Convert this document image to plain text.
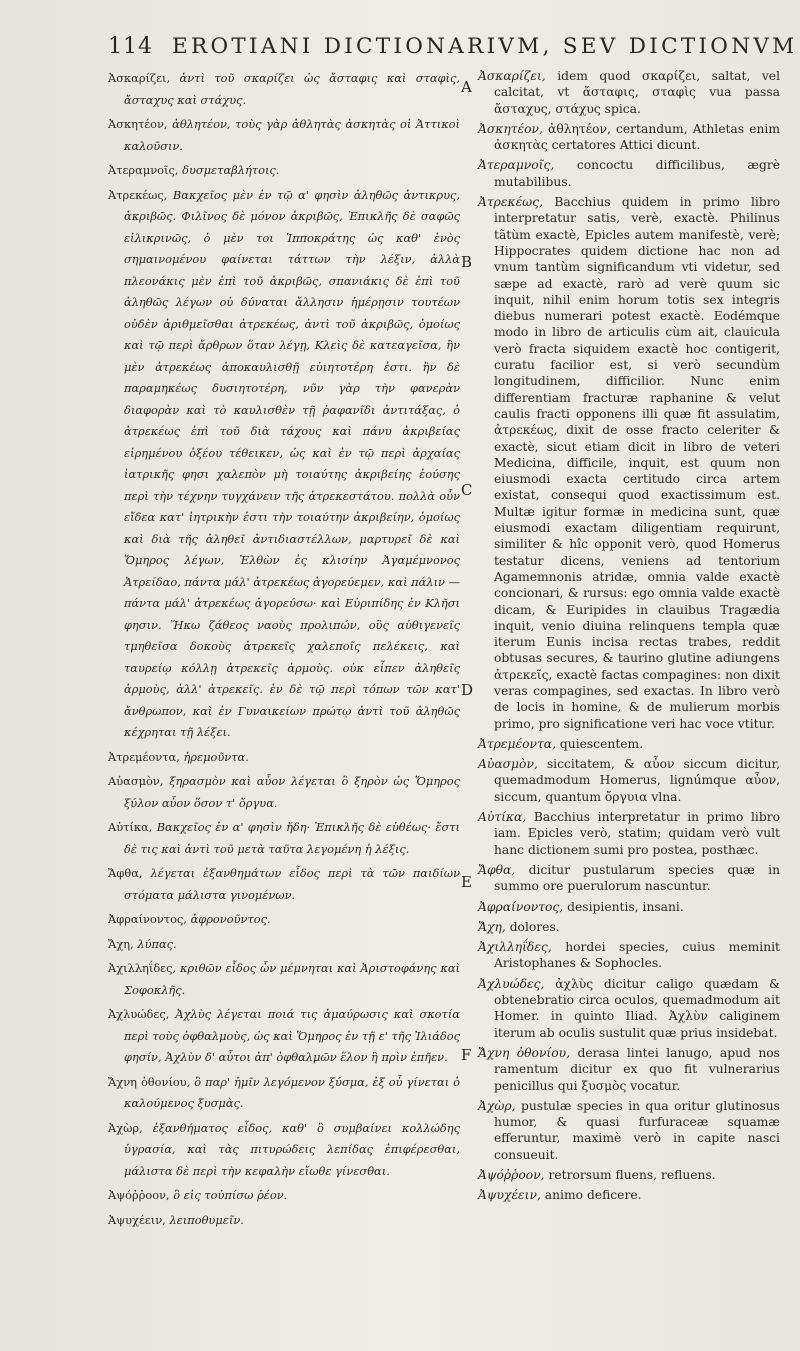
114 EROTIANI DICTIONARIVM, SEV DICTIONVM

Ἀσκαρίζει, ἀντὶ τοῦ σκαρίζει ὡς ἄσταφις καὶ σταφὶς, ἄσταχυς καὶ στάχυς.

Ἀσκητέον, ἀθλητέον, τοὺς γὰρ ἀθλητὰς ἀσκητὰς οἱ Ἀττικοὶ καλοῦσιν.

Ἀτεραμνοῖς, δυσμεταβλήτοις.

Ἀτρεκέως, Βακχεῖος μὲν ἐν τῷ α' φησὶν ἀληθῶς ἀντικρυς, ἀκριβῶς. Φιλῖνος δὲ μόνον ἀκριβῶς, Ἐπικλῆς δὲ σαφῶς εἰλικρινῶς, ὁ μὲν τοι Ἱπποκράτης ὡς καθ' ἑνὸς σημαινομένου φαίνεται τάττων τὴν λέξιν, ἀλλὰ πλεονάκις μὲν ἐπὶ τοῦ ἀκριβῶς, σπανιάκις δὲ ἐπὶ τοῦ ἀληθῶς λέγων οὐ δύναται ἄλλησιν ἡμέρῃσιν τουτέων οὐδὲν ἀριθμεῖσθαι ἀτρεκέως, ἀντὶ τοῦ ἀκριβῶς, ὁμοίως καὶ τῷ περὶ ἄρθρων ὅταν λέγῃ, Κλεὶς δὲ κατεαγεῖσα, ἢν μὲν ἀτρεκέως ἀποκαυλισθῇ εὐιητοτέρη ἐστι. ἢν δὲ παραμηκέως δυσιητοτέρη, νῦν γὰρ τὴν φανερὰν διαφορὰν καὶ τὸ καυλισθὲν τῇ ῥαφανῖδι ἀντιτάξας, ὁ ἀτρεκέως ἐπὶ τοῦ διὰ τάχους καὶ πάνυ ἀκριβείας εἰρημένου ὀξέου τέθεικεν, ὡς καὶ ἐν τῷ περὶ ἀρχαίας ἰατρικῆς φησι χαλεπὸν μὴ τοιαύτης ἀκριβείης ἐούσης περὶ τὴν τέχνην τυγχάνειν τῆς ἀτρεκεστάτου. πολλὰ οὖν εἴδεα κατ' ἰητρικὴν ἐστι τὴν τοιαύτην ἀκριβείην, ὁμοίως καὶ διὰ τῆς ἀληθεῖ ἀντιδιαστέλλων, μαρτυρεῖ δὲ καὶ Ὅμηρος λέγων, Ἐλθὼν ἐς κλισίην Ἀγαμέμνονος Ἀτρείδαο, πάντα μάλ' ἀτρεκέως ἀγορεύεμεν, καὶ πάλιν —πάντα μάλ' ἀτρεκέως ἀγορεύσω· καὶ Εὐριπίδης ἐν Κλῆσι φησιν. Ἥκω ζάθεος ναοὺς προλιπών, οὓς αὐθιγενεῖς τμηθεῖσα δοκοὺς ἀτρεκεῖς χαλεποῖς πελέκεις, καὶ ταυρείῳ κόλλῃ ἀτρεκεῖς ἁρμοὺς. οὐκ εἶπεν ἀληθεῖς ἁρμοὺς, ἀλλ' ἀτρεκεῖς. ἐν δὲ τῷ περὶ τόπων τῶν κατ' ἄνθρωπον, καὶ ἐν Γυναικείων πρώτῳ ἀντὶ τοῦ ἀληθῶς κέχρηται τῇ λέξει.

Ἀτρεμέοντα, ἠρεμοῦντα.

Αὐασμὸν, ξηρασμὸν καὶ αὖον λέγεται ὃ ξηρὸν ὡς Ὅμηρος ξύλον αὖον ὅσον τ' ὄργυα.

Αὐτίκα, Βακχεῖος ἐν α' φησὶν ἤδη· Ἐπικλῆς δὲ εὐθέως· ἔστι δὲ τις καὶ ἀντὶ τοῦ μετὰ ταῦτα λεγομένη ἡ λέξις.

Ἄφθα, λέγεται ἐξανθημάτων εἶδος περὶ τὰ τῶν παιδίων στόματα μάλιστα γινομένων.

Ἀφραίνοντος, ἀφρονοῦντος.

Ἄχη, λύπας.

Ἀχιλληΐδες, κριθῶν εἶδος ὧν μέμνηται καὶ Ἀριστοφάνης καὶ Σοφοκλῆς.

Ἀχλυώδες, Ἀχλὺς λέγεται ποιά τις ἀμαύρωσις καὶ σκοτία περὶ τοὺς ὀφθαλμοὺς, ὡς καὶ Ὅμηρος ἐν τῇ ε' τῆς Ἰλιάδος φησίν, Ἀχλὺν δ' αὖτοι ἀπ' ὀφθαλμῶν ἕλον ἣ πρὶν ἐπῆεν.

Ἄχνη ὀθονίου, ὃ παρ' ἡμῖν λεγόμενον ξύσμα, ἐξ οὗ γίνεται ὁ καλούμενος ξυσμὰς.

Ἀχὼρ, ἐξανθήματος εἶδος, καθ' ὃ συμβαίνει κολλώδης ὑγρασία, καὶ τὰς πιτυρώδεις λεπίδας ἐπιφέρεσθαι, μάλιστα δὲ περὶ τὴν κεφαλὴν εἴωθε γίνεσθαι.

Ἀψόῤῥοον, ὃ εἰς τοὐπίσω ῥέον.

Ἀψυχέειν, λειποθυμεῖν.

Ἀσκαρίζει, idem quod σκαρίζει, saltat, vel calcitat, vt ἄσταφις, σταφὶς vua passa ἄσταχυς, στάχυς spica.

Ἀσκητέον, ἀθλητέον, certandum, Athletas enim ἀσκητὰς certatores Attici dicunt.

Ἀτεραμνοῖς, concoctu difficilibus, ægrè mutabilibus.

Ἀτρεκέως, Bacchius quidem in primo libro interpretatur satis, verè, exactè. Philinus tãtùm exactè, Epicles autem manifestè, verè; Hippocrates quidem dictione hac non ad vnum tantùm significandum vti videtur, sed sæpe ad exactè, rarò ad verè quum sic inquit, nihil enim horum totis sex integris diebus numerari potest exactè. Eodémque modo in libro de articulis cùm ait, clauicula verò fracta siquidem exactè hoc contigerit, curatu facilior est, si verò secundùm longitudinem, difficilior. Nunc enim differentiam fracturæ raphanine & velut caulis fracti opponens illi quæ fit assulatim, ἀτρεκέως, dixit de osse fracto celeriter & exactè, sicut etiam dicit in libro de veteri Medicina, difficile, inquit, est quum non eiusmodi exacta certitudo circa artem existat, consequi quod exactissimum est. Multæ igitur formæ in medicina sunt, quæ eiusmodi exactam diligentiam requirunt, similiter & hîc opponit verò, quod Homerus testatur dicens, veniens ad tentorium Agamemnonis atridæ, omnia valde exactè concionari, & rursus: ego omnia valde exactè dicam, & Euripides in clauibus Tragædia inquit, venio diuina relinquens templa quæ iterum Eunis incisa rectas trabes, reddit obtusas secures, & taurino glutine adiungens ἀτρεκεῖς, exactè factas compagines: non dixit veras compagines, sed exactas. In libro verò de locis in homine, & de mulierum morbis primo, pro significatione veri hac voce vtitur.

Ἀτρεμέοντα, quiescentem.

Αὐασμὸν, siccitatem, & αὖον siccum dicitur, quemadmodum Homerus, lignúmque αὖον, siccum, quantum ὄργυια vlna.

Αὐτίκα, Bacchius interpretatur in primo libro iam. Epicles verò, statim; quidam verò vult hanc dictionem sumi pro postea, posthæc.

Ἄφθα, dicitur pustularum species quæ in summo ore puerulorum nascuntur.

Ἀφραίνοντος, desipientis, insani.

Ἄχη, dolores.

Ἀχιλληΐδες, hordei species, cuius meminit Aristophanes & Sophocles.

Ἀχλυώδες, ἀχλὺς dicitur caligo quædam & obtenebratio circa oculos, quemadmodum ait Homer. in quinto Iliad. Ἀχλὺν caliginem iterum ab oculis sustulit quæ prius insidebat.

Ἄχνη ὀθονίου, derasa lintei lanugo, apud nos ramentum dicitur ex quo fit vulnerarius penicillus qui ξυσμὸς vocatur.

Ἀχὼρ, pustulæ species in qua oritur glutinosus humor, & quasi furfuraceæ squamæ efferuntur, maximè verò in capite nasci consueuit.

Ἀψόῤῥοον, retrorsum fluens, refluens.

Ἀψυχέειν, animo deficere.

A
B
C
D
E
F
